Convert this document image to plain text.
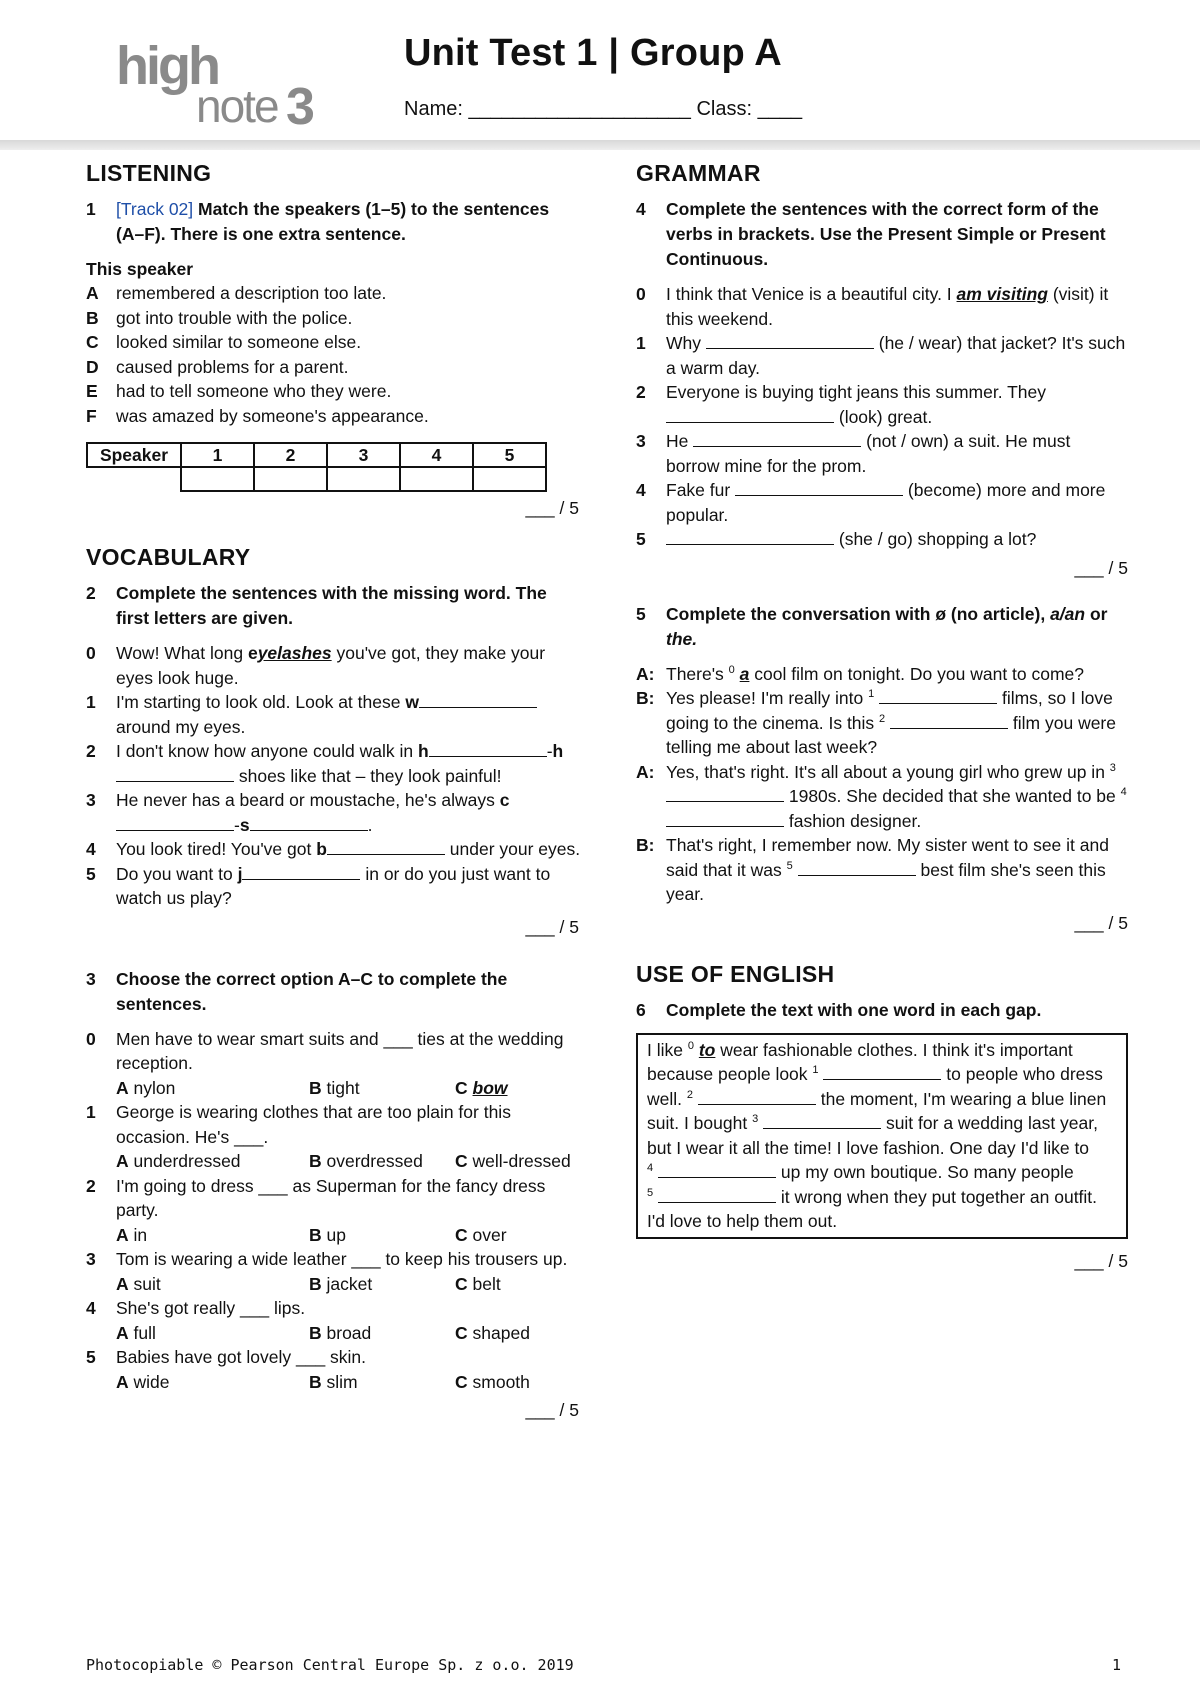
high
note 3
Unit Test 1 | Group A
Name: ____________________ Class: ____
LISTENING
1	[Track 02] Match the speakers (1–5) to the sentences (A–F). There is one extra sentence.
This speaker
A remembered a description too late.
B got into trouble with the police.
C looked similar to someone else.
D caused problems for a parent.
E	had to tell someone who they were.
F	was amazed by someone's appearance.
Speaker	1	2	3	4	5

___ / 5
VOCABULARY
2	Complete the sentences with the missing word. The first letters are given.
0	Wow! What long eyelashes you've got, they make your eyes look huge.
1	I'm starting to look old. Look at these w around my eyes.
2	I don't know how anyone could walk in h	-h shoes like that – they look painful!
3	He never has a beard or moustache, he's always c-s	.
4	You look tired! You've got b	under your eyes.
5	Do you want to j	in or do you just want to watch us play?
___ / 5
3	Choose the correct option A–C to complete the sentences.
0	Men have to wear smart suits and ___ ties at the wedding reception.
A nylon	B tight	C bow
1	George is wearing clothes that are too plain for this occasion. He's ___.
A underdressed	B overdressed	C well-dressed
2	I'm going to dress ___ as Superman for the fancy dress party.
A in	B up	C over
3	Tom is wearing a wide leather ___ to keep his trousers up.
A suit	B jacket	C belt
4	She's got really ___ lips.
A full	B broad	C shaped
5	Babies have got lovely ___ skin.
A wide	B slim	C smooth
___ / 5
GRAMMAR
4	Complete the sentences with the correct form of the verbs in brackets. Use the Present Simple or Present Continuous.
0	I think that Venice is a beautiful city. I am visiting (visit) it this weekend.
1	Why	(he / wear) that jacket? It's such a warm day.
2	Everyone is buying tight jeans this summer. They  (look) great.
3	He	(not / own) a suit. He must borrow mine for the prom.
4	Fake fur	(become) more and more popular.
5	(she / go) shopping a lot?
___ / 5
5	Complete the conversation with ø (no article), a/an or the.
A: There's $^0$ a cool film on tonight. Do you want to come?
B: Yes please! I'm really into $^1$	films, so I love going to the cinema. Is this $^2$	film you were telling me about last week?
A: Yes, that's right. It's all about a young girl who grew up in $^3$  1980s. She decided that she wanted to be $^4$  fashion designer.
B: That's right, I remember now. My sister went to see it and said that it was $^5$	best film she's seen this year.
___ / 5
USE OF ENGLISH
6	Complete the text with one word in each gap.
I like $^0$ to wear fashionable clothes. I think it's important because people look $^1$	to people who dress well. $^2$	the moment, I'm wearing a blue linen suit. I bought $^3$	suit for a wedding last year, but I wear it all the time! I love fashion. One day I'd like to
$^4$	up my own boutique. So many people
$^5$	it wrong when they put together an outfit. I'd love to help them out.
___ / 5
Photocopiable © Pearson Central Europe Sp. z o.o. 2019	1
